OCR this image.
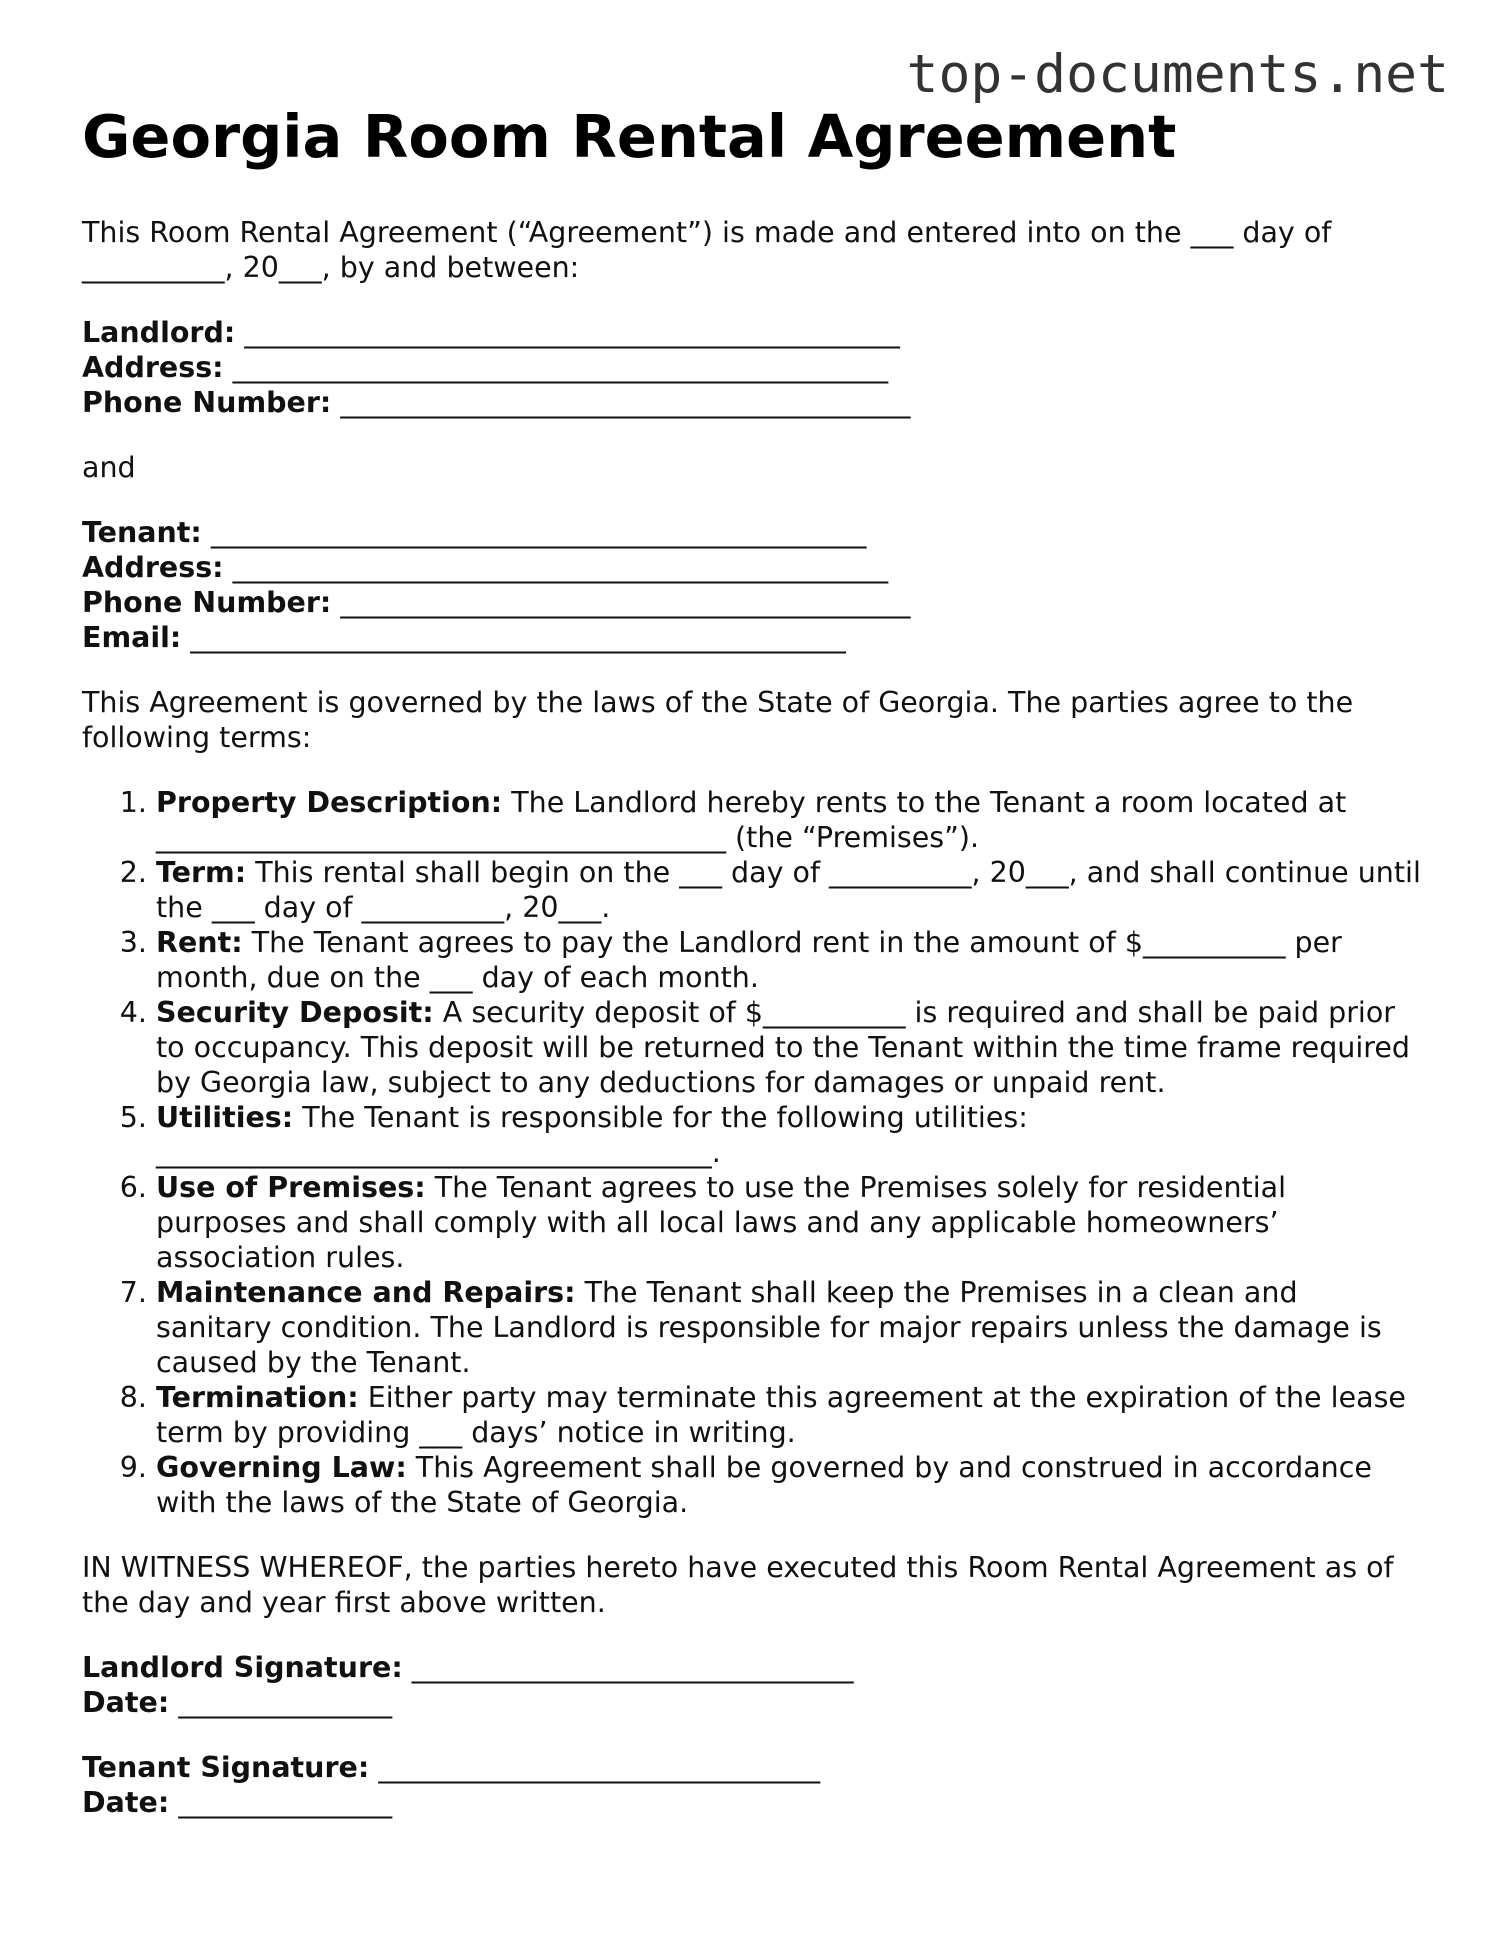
top-documents.net
Georgia Room Rental Agreement

This Room Rental Agreement (“Agreement”) is made and entered into on the ___ day of __________, 20___, by and between:

Landlord: ______________________________________________
Address: ______________________________________________
Phone Number: ________________________________________

and

Tenant: ______________________________________________
Address: ______________________________________________
Phone Number: ________________________________________
Email: ______________________________________________

This Agreement is governed by the laws of the State of Georgia. The parties agree to the following terms:

1. Property Description: The Landlord hereby rents to the Tenant a room located at ________________________________________ (the “Premises”).
2. Term: This rental shall begin on the ___ day of __________, 20___, and shall continue until the ___ day of __________, 20___.
3. Rent: The Tenant agrees to pay the Landlord rent in the amount of $__________ per month, due on the ___ day of each month.
4. Security Deposit: A security deposit of $__________ is required and shall be paid prior to occupancy. This deposit will be returned to the Tenant within the time frame required by Georgia law, subject to any deductions for damages or unpaid rent.
5. Utilities: The Tenant is responsible for the following utilities: _______________________________________.
6. Use of Premises: The Tenant agrees to use the Premises solely for residential purposes and shall comply with all local laws and any applicable homeowners’ association rules.
7. Maintenance and Repairs: The Tenant shall keep the Premises in a clean and sanitary condition. The Landlord is responsible for major repairs unless the damage is caused by the Tenant.
8. Termination: Either party may terminate this agreement at the expiration of the lease term by providing ___ days’ notice in writing.
9. Governing Law: This Agreement shall be governed by and construed in accordance with the laws of the State of Georgia.

IN WITNESS WHEREOF, the parties hereto have executed this Room Rental Agreement as of the day and year first above written.

Landlord Signature: _______________________________
Date: _______________
Tenant Signature: _______________________________
Date: _______________
